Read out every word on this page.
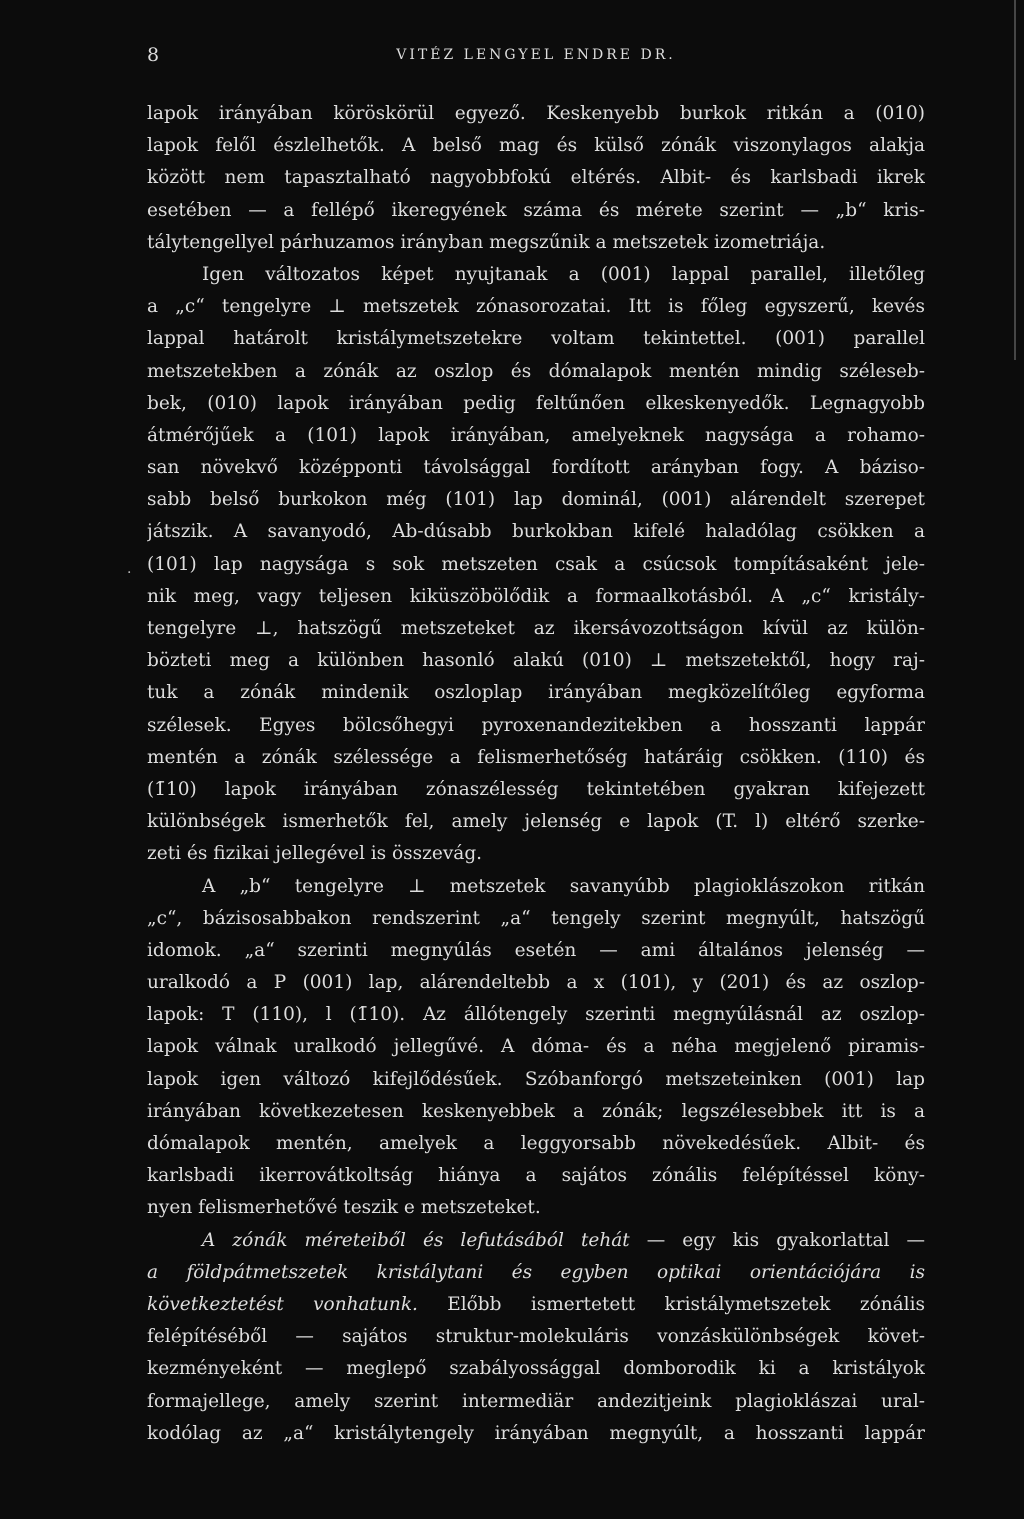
8	VITÉZ LENGYEL ENDRE DR.
lapok irányában köröskörül egyező. Keskenyebb burkok ritkán a (010)
lapok felől észlelhetők. A belső mag és külső zónák viszonylagos alakja
között nem tapasztalható nagyobbfokú eltérés. Albit- és karlsbadi ikrek
esetében — a fellépő ikeregyének száma és mérete szerint — „b“ kris-
tálytengellyel párhuzamos irányban megszűnik a metszetek izometriája.
Igen változatos képet nyujtanak a (001) lappal parallel, illetőleg
a „c“ tengelyre ⊥ metszetek zónasorozatai. Itt is főleg egyszerű, kevés
lappal határolt kristálymetszetekre voltam tekintettel. (001) parallel
metszetekben a zónák az oszlop és dómalapok mentén mindig széleseb-
bek, (010) lapok irányában pedig feltűnően elkeskenyedők. Legnagyobb
átmérőjűek a (101) lapok irányában, amelyeknek nagysága a rohamo-
san növekvő középponti távolsággal fordított arányban fogy. A báziso-
sabb belső burkokon még (101) lap dominál, (001) alárendelt szerepet
játszik. A savanyodó, Ab-dúsabb burkokban kifelé haladólag csökken a
(101) lap nagysága s sok metszeten csak a csúcsok tompításaként jele-
nik meg, vagy teljesen kiküszöbölődik a formaalkotásból. A „c“ kristály-
tengelyre ⊥, hatszögű metszeteket az ikersávozottságon kívül az külön-
bözteti meg a különben hasonló alakú (010) ⊥ metszetektől, hogy raj-
tuk a zónák mindenik oszloplap irányában megközelítőleg egyforma
szélesek. Egyes bölcsőhegyi pyroxenandezitekben a hosszanti lappár
mentén a zónák szélessége a felismerhetőség határáig csökken. (110) és
(1̄10) lapok irányában zónaszélesség tekintetében gyakran kifejezett
különbségek ismerhetők fel, amely jelenség e lapok (T. l) eltérő szerke-
zeti és fizikai jellegével is összevág.
A „b“ tengelyre ⊥ metszetek savanyúbb plagioklászokon ritkán
„c“, bázisosabbakon rendszerint „a“ tengely szerint megnyúlt, hatszögű
idomok. „a“ szerinti megnyúlás esetén — ami általános jelenség —
uralkodó a P (001) lap, alárendeltebb a x (101), y (201) és az oszlop-
lapok: T (110), l (1̄10). Az állótengely szerinti megnyúlásnál az oszlop-
lapok válnak uralkodó jellegűvé. A dóma- és a néha megjelenő piramis-
lapok igen változó kifejlődésűek. Szóbanforgó metszeteinken (001) lap
irányában következetesen keskenyebbek a zónák; legszélesebbek itt is a
dómalapok mentén, amelyek a leggyorsabb növekedésűek. Albit- és
karlsbadi ikerrovátkoltság hiánya a sajátos zónális felépítéssel köny-
nyen felismerhetővé teszik e metszeteket.
A zónák méreteiből és lefutásából tehát — egy kis gyakorlattal —
a földpátmetszetek kristálytani és egyben optikai orientációjára is
következtetést vonhatunk. Előbb ismertetett kristálymetszetek zónális
felépítéséből — sajátos struktur-molekuláris vonzáskülönbségek követ-
kezményeként — meglepő szabályossággal domborodik ki a kristályok
formajellege, amely szerint intermediär andezitjeink plagioklászai ural-
kodólag az „a“ kristálytengely irányában megnyúlt, a hosszanti lappár
·
